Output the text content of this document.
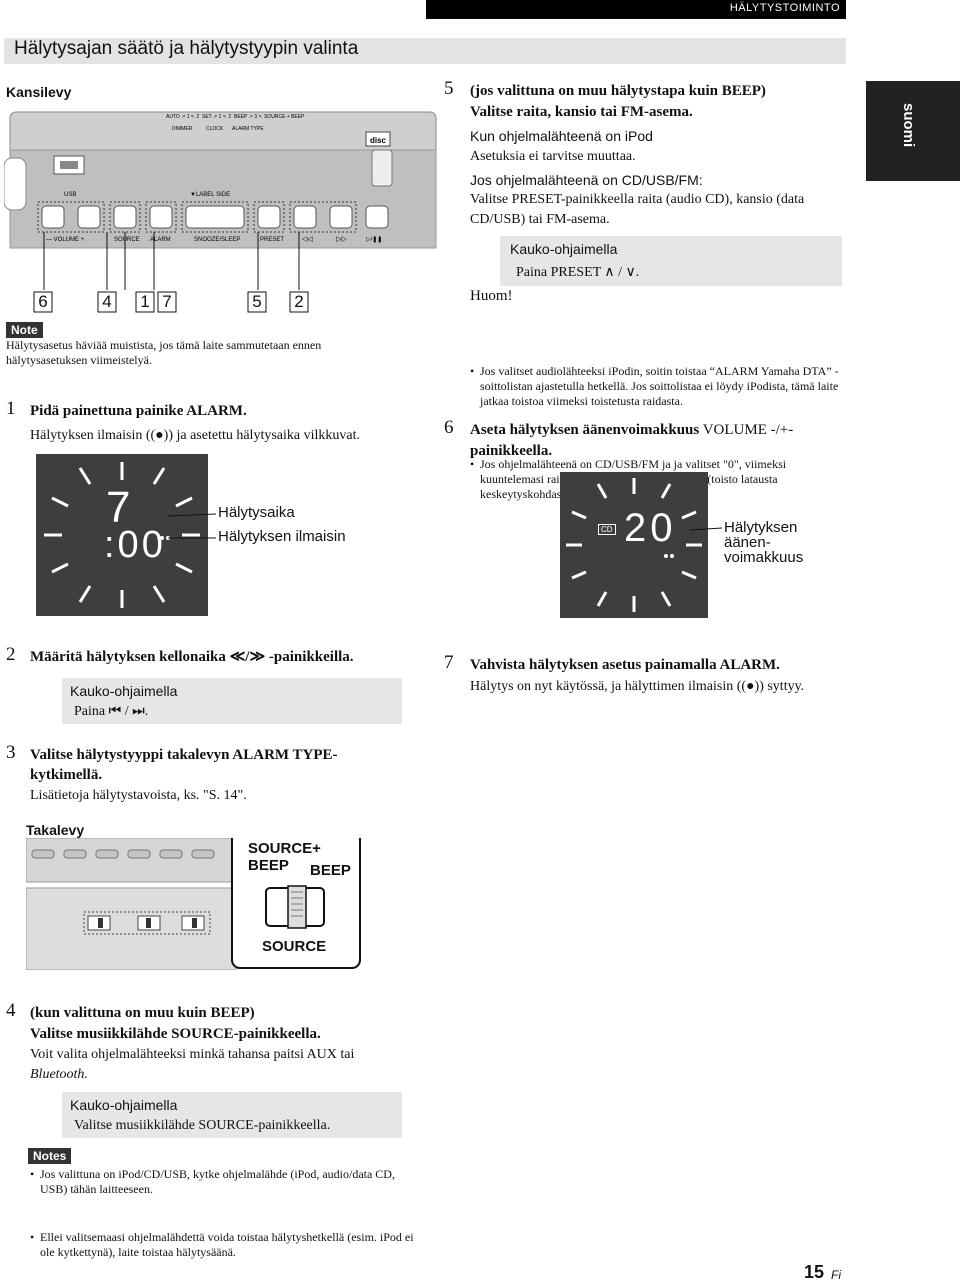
HÄLYTYSTOIMINTO
Hälytysajan säätö ja hälytystyypin valinta
suomi
Kansilevy
disc
▼LABEL SIDE
USB
— VOLUME +	SOURCE ALARM	SNOOZE/SLEEP	PRESET	◁◁	▷▷	▷/❚❚
AUTO ↗ 1 ↖ 2 SET ↗ 1 ↖ 2 BEEP ↗ 3 ↖ SOURCE + BEEP
DIMMER	CLOCK ALARM TYPE
6	4 1 7	5 2
Note
Hälytysasetus häviää muistista, jos tämä laite sammutetaan ennen hälytysasetuksen viimeistelyä.
1 Pidä painettuna painike ALARM.
Hälytyksen ilmaisin ((●)) ja asetettu hälytysaika vilkkuvat.
7
:00
Hälytysaika
Hälytyksen ilmaisin
2 Määritä hälytyksen kellonaika ≪/≫ -painikkeilla.
Kauko-ohjaimella
Paina ⏮ / ⏭.
3 Valitse hälytystyyppi takalevyn ALARM TYPE-kytkimellä.
Lisätietoja hälytystavoista, ks. "S. 14".
Takalevy
SOURCE+
BEEP	BEEP
SOURCE
4 (kun valittuna on muu kuin BEEP)
Valitse musiikkilähde SOURCE-painikkeella.
Voit valita ohjelmalähteeksi minkä tahansa paitsi AUX tai
Bluetooth.
Kauko-ohjaimella
Valitse musiikkilähde SOURCE-painikkeella.
Notes
• Jos valittuna on iPod/CD/USB, kytke ohjelmalähde (iPod, audio/data CD, USB) tähän laitteeseen.
• Ellei valitsemaasi ohjelmalähdettä voida toistaa hälytyshetkellä (esim. iPod ei ole kytkettynä), laite toistaa hälytysäänä.
5 (jos valittuna on muu hälytystapa kuin BEEP)
Valitse raita, kansio tai FM-asema.
Kun ohjelmalähteenä on iPod
Asetuksia ei tarvitse muuttaa.
Jos ohjelmalähteenä on CD/USB/FM:
Valitse PRESET-painikkeella raita (audio CD), kansio (data CD/USB) tai FM-asema.
Kauko-ohjaimella
Paina PRESET ∧ / ∨.
Huom!
• Jos valitset audiolähteeksi iPodin, soitin toistaa “ALARM Yamaha DTA” -soittolistan ajastetulla hetkellä. Jos soittolistaa ei löydy iPodista, tämä laite jatkaa toistoa viimeksi toistetusta raidasta.
• Jos ohjelmalähteenä on CD/USB/FM ja ja valitset "0", viimeksi kuuntelemasi raita/FM-radioasema alkaa soida (toisto latausta keskeytyskohdasta).
6 Aseta hälytyksen äänenvoimakkuus VOLUME -/+-
painikkeella.
CD 20	Hälytyksen
äänen-
voimakkuus
7 Vahvista hälytyksen asetus painamalla ALARM.
Hälytys on nyt käytössä, ja hälyttimen ilmaisin ((●)) syttyy.
15 Fi
